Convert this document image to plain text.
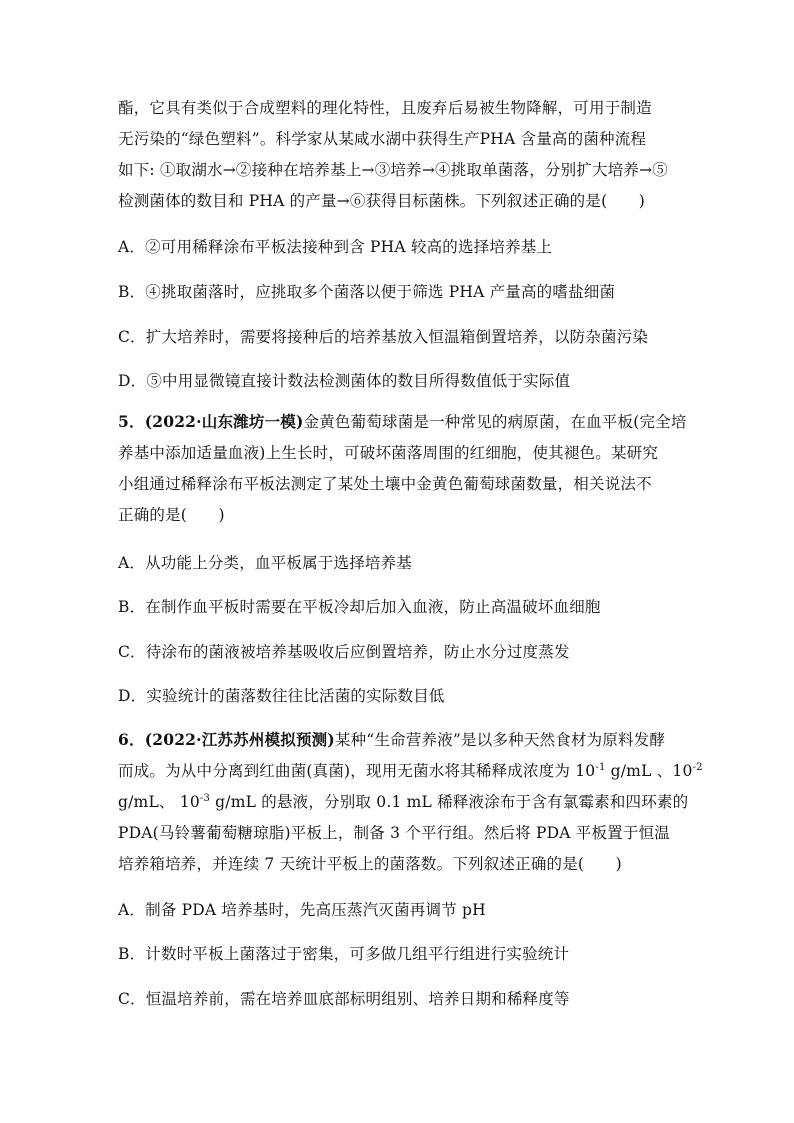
酯，它具有类似于合成塑料的理化特性，且废弃后易被生物降解，可用于制造
无污染的“绿色塑料”。科学家从某咸水湖中获得生产PHA 含量高的菌种流程
如下: ①取湖水→②接种在培养基上→③培养→④挑取单菌落，分别扩大培养→⑤
检测菌体的数目和 PHA 的产量→⑥获得目标菌株。下列叙述正确的是(　　)
A．②可用稀释涂布平板法接种到含 PHA 较高的选择培养基上
B．④挑取菌落时，应挑取多个菌落以便于筛选 PHA 产量高的嗜盐细菌
C．扩大培养时，需要将接种后的培养基放入恒温箱倒置培养，以防杂菌污染
D．⑤中用显微镜直接计数法检测菌体的数目所得数值低于实际值
5．(2022·山东潍坊一模)金黄色葡萄球菌是一种常见的病原菌，在血平板(完全培
养基中添加适量血液)上生长时，可破坏菌落周围的红细胞，使其褪色。某研究
小组通过稀释涂布平板法测定了某处土壤中金黄色葡萄球菌数量，相关说法不
正确的是(　　)
A．从功能上分类，血平板属于选择培养基
B．在制作血平板时需要在平板冷却后加入血液，防止高温破坏血细胞
C．待涂布的菌液被培养基吸收后应倒置培养，防止水分过度蒸发
D．实验统计的菌落数往往比活菌的实际数目低
6．(2022·江苏苏州模拟预测)某种“生命营养液”是以多种天然食材为原料发酵
而成。为从中分离到红曲菌(真菌)，现用无菌水将其稀释成浓度为 $10^{-1}$ g/mL 、$10^{-2}$
g/mL、 $10^{-3}$ g/mL 的悬液，分别取 0.1 mL 稀释液涂布于含有氯霉素和四环素的
PDA(马铃薯葡萄糖琼脂)平板上，制备 3 个平行组。然后将 PDA 平板置于恒温
培养箱培养，并连续 7 天统计平板上的菌落数。下列叙述正确的是(　　)
A．制备 PDA 培养基时，先高压蒸汽灭菌再调节 pH
B．计数时平板上菌落过于密集，可多做几组平行组进行实验统计
C．恒温培养前，需在培养皿底部标明组别、培养日期和稀释度等
